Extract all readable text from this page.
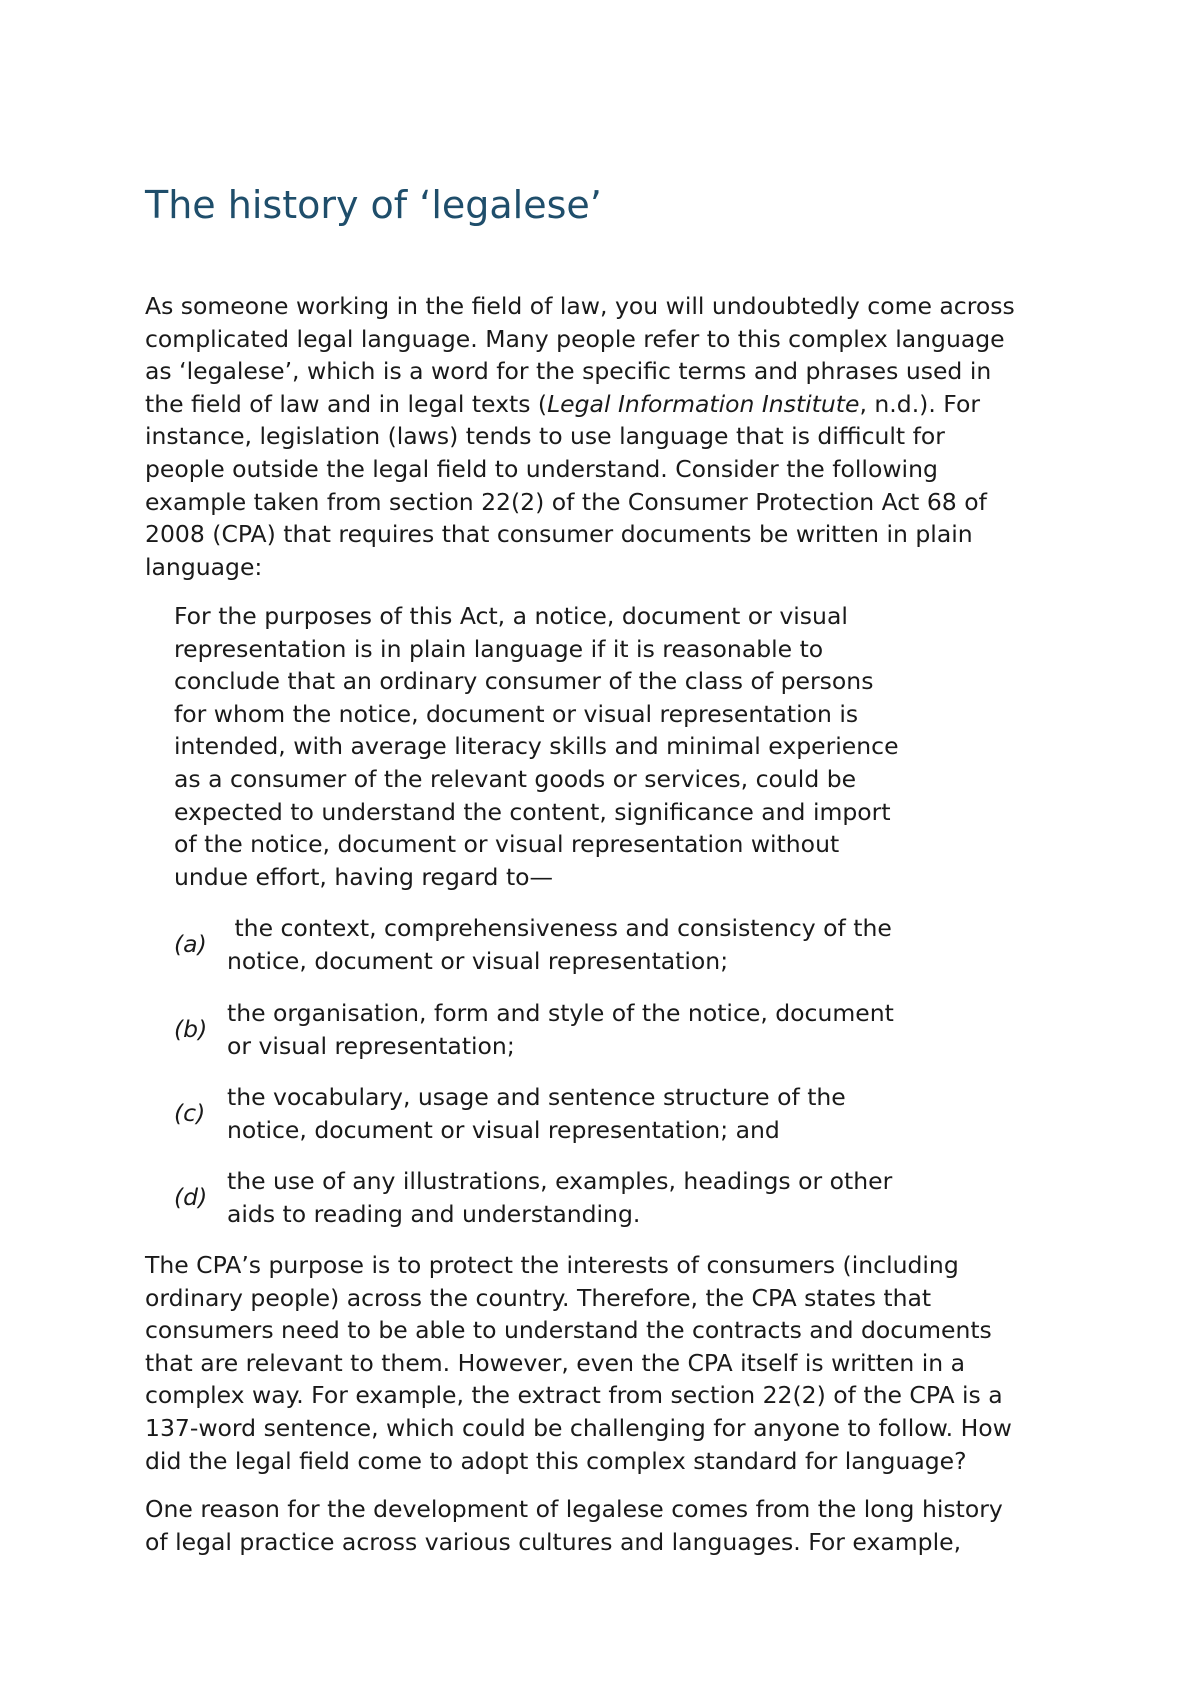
The history of ‘legalese’

As someone working in the field of law, you will undoubtedly come across
complicated legal language. Many people refer to this complex language
as ‘legalese’, which is a word for the specific terms and phrases used in
the field of law and in legal texts (Legal Information Institute, n.d.). For
instance, legislation (laws) tends to use language that is difficult for
people outside the legal field to understand. Consider the following
example taken from section 22(2) of the Consumer Protection Act 68 of
2008 (CPA) that requires that consumer documents be written in plain
language:

For the purposes of this Act, a notice, document or visual
representation is in plain language if it is reasonable to
conclude that an ordinary consumer of the class of persons
for whom the notice, document or visual representation is
intended, with average literacy skills and minimal experience
as a consumer of the relevant goods or services, could be
expected to understand the content, significance and import
of the notice, document or visual representation without
undue effort, having regard to—
(a)
the context, comprehensiveness and consistency of the
notice, document or visual representation;
(b)
the organisation, form and style of the notice, document
or visual representation;
(c)
the vocabulary, usage and sentence structure of the
notice, document or visual representation; and
(d)
the use of any illustrations, examples, headings or other
aids to reading and understanding.

The CPA’s purpose is to protect the interests of consumers (including
ordinary people) across the country. Therefore, the CPA states that
consumers need to be able to understand the contracts and documents
that are relevant to them. However, even the CPA itself is written in a
complex way. For example, the extract from section 22(2) of the CPA is a
137-word sentence, which could be challenging for anyone to follow. How
did the legal field come to adopt this complex standard for language?

One reason for the development of legalese comes from the long history
of legal practice across various cultures and languages. For example,
